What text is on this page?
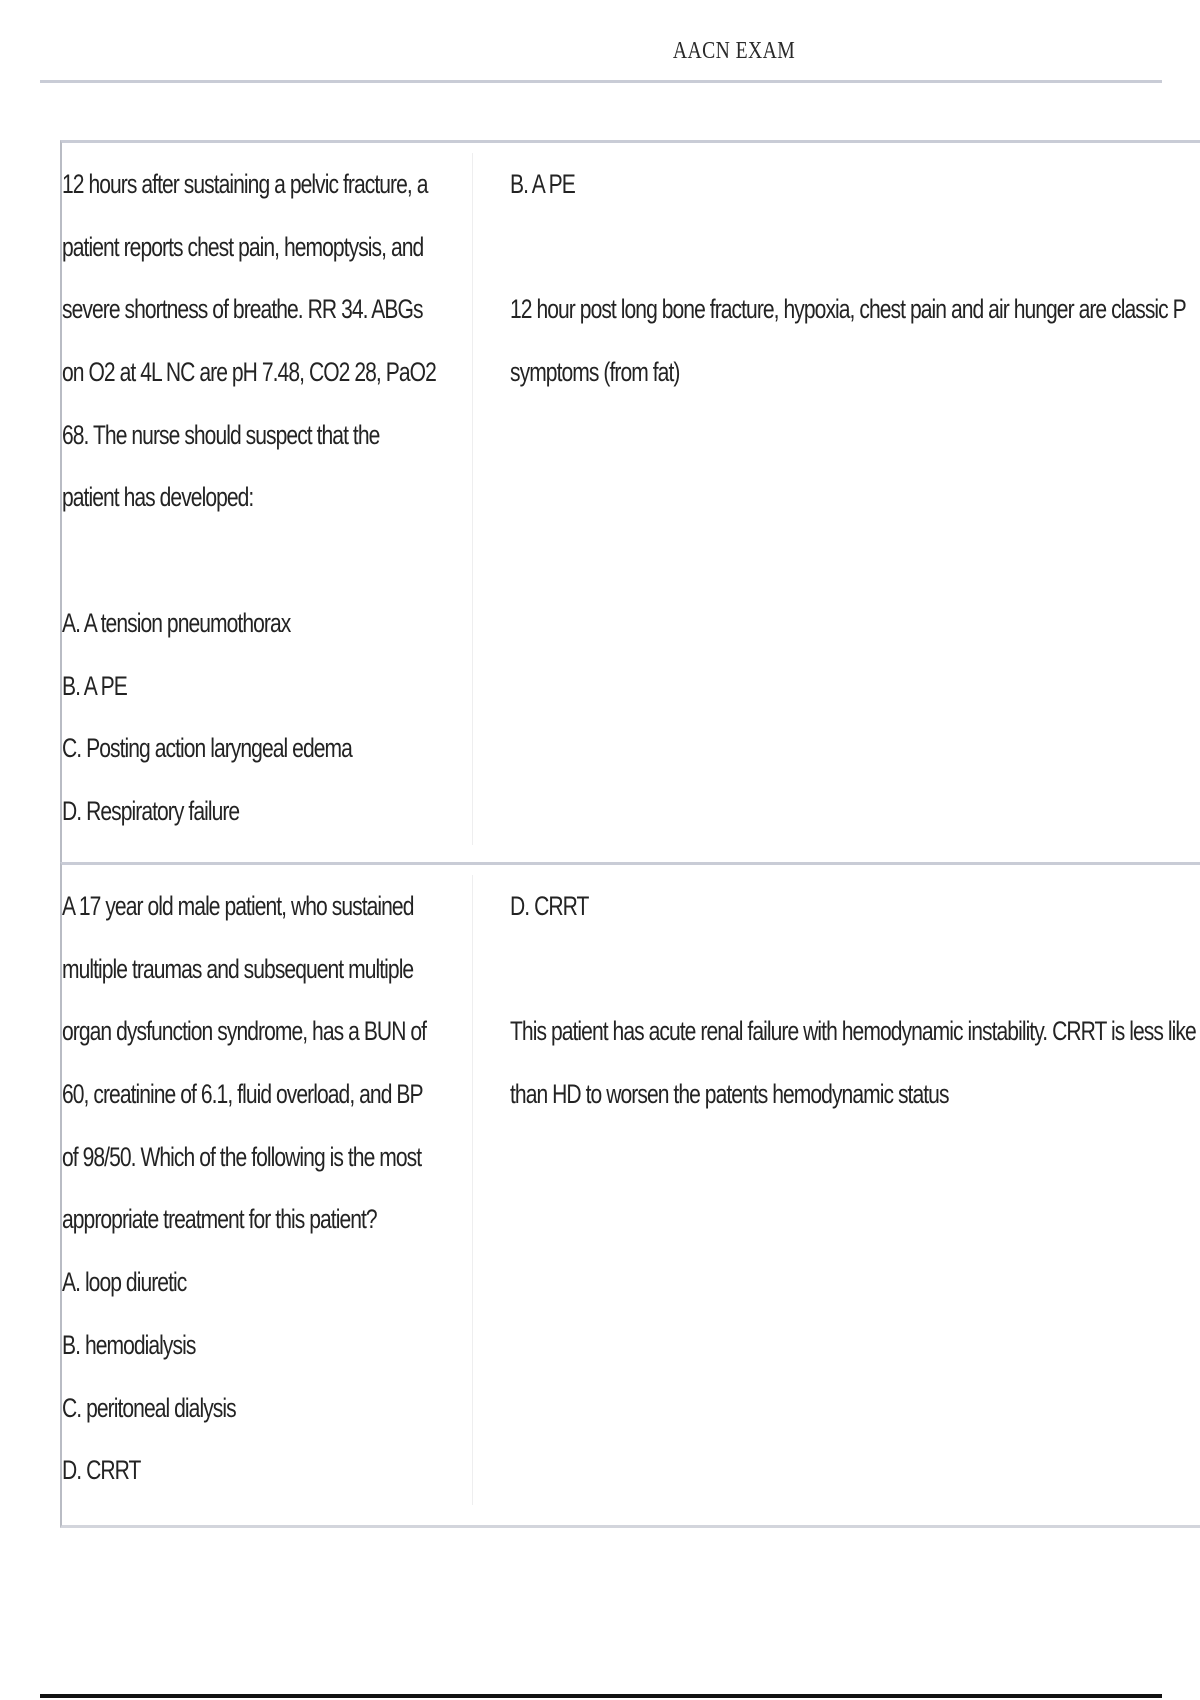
AACN EXAM
12 hours after sustaining a pelvic fracture, a
patient reports chest pain, hemoptysis, and
severe shortness of breathe. RR 34. ABGs
on O2 at 4L NC are pH 7.48, CO2 28, PaO2
68. The nurse should suspect that the
patient has developed:
A. A tension pneumothorax
B. A PE
C. Posting action laryngeal edema
D. Respiratory failure
B. A PE
12 hour post long bone fracture, hypoxia, chest pain and air hunger are classic P
symptoms (from fat)
A 17 year old male patient, who sustained
multiple traumas and subsequent multiple
organ dysfunction syndrome, has a BUN of
60, creatinine of 6.1, fluid overload, and BP
of 98/50. Which of the following is the most
appropriate treatment for this patient?
A. loop diuretic
B. hemodialysis
C. peritoneal dialysis
D. CRRT
D. CRRT
This patient has acute renal failure with hemodynamic instability. CRRT is less like
than HD to worsen the patents hemodynamic status
